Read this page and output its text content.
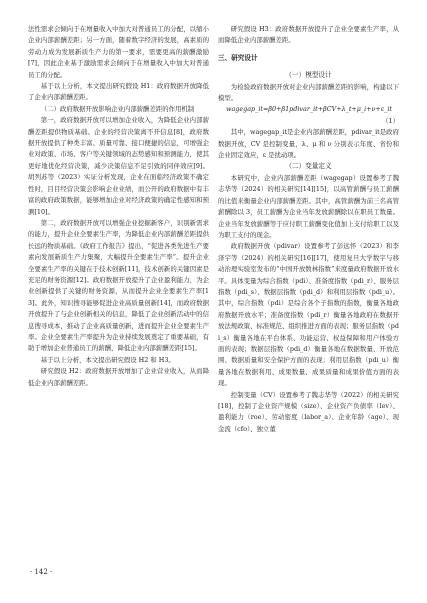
法性需求会倾向于在增量收入中加大对普通员工的分配，以缩小企业内部薪酬差距；另一方面，随着数字经济的发展，高素质的劳动力成为发展新质生产力的第一要求，需要更高的薪酬激励[7]，因此企业基于激励需求会倾向于在增量收入中加大对普通员工的分配。

基于以上分析，本文提出研究假设 H1：政府数据开放降低了企业内部薪酬差距。

（二）政府数据开放影响企业内部薪酬差距的作用机制

第一，政府数据开放可以增加企业收入，为降低企业内部薪酬差距提供物质基础。企业的经营决策离不开信息[8]，政府数据开放提供了种类丰富、质量可靠、接口便捷的信息，可增强企业对政策、市场、客户等关键领域的态势感知和预测能力，使其更好地优化经营决策，减少决策信息不足引致的同伴效应[9]。胡列苏等（2023）实证分析发现，企业在面临经济政策不确定性时，目目经营决策会影响企业业绩，而公开的政府数据中有丰富的政府政策数据，能够增加企业对经济政策的确定性感知和预测[10]。

第二，政府数据开放可以增强企业挖掘新客户，识别新需求的能力，提升企业全要素生产率，为降低企业内部薪酬差距提供长远的物质基础。《政府工作报告》提出，“促进各类先进生产要素向发展新质生产力集聚，大幅提升全要素生产率”。提升企业全要素生产率的关键在于技术创新[11]，技术创新的关键因素是充足的财务资源[12]。政府数据开放提升了企业盈利能力，为企业创新提供了关键的财务资源，从而提升企业全要素生产率[13]。此外，知识搜寻能够促进企业高质量创新[14]，而政府数据开放提升了与企业创新相关的信息，降低了企业创新活动中的信息搜寻成本，推动了企业高质量创新，进而提升企业全要素生产率。企业全要素生产率提升为企业持续发展奠定了重要基础，有助于增加企业普通员工的薪酬，降低企业内部薪酬差距[15]。

基于以上分析，本文提出研究假设 H2 和 H3。

研究假设 H2：政府数据开放增加了企业营业收入，从而降低企业内部薪酬差距。

研究假设 H3：政府数据开放提升了企业全要素生产率，从而降低企业内部薪酬差距。

三、研究设计

（一）模型设计

为检验政府数据开放对企业内部薪酬差距的影响，构建以下模型。

wagegap_it=β0+β1pdivar_it+βCV+λ_t+μ_i+ν+ε_it

（1）

其中，wagegap_it是企业内部薪酬差距，pdivar_it是政府数据开放，CV 是控制变量，λ、μ 和 ν 分别表示年度、省份和企业固定效应，ε 是扰动项。

（二）变量定义

本研究中，企业内部薪酬差距（wagegap）设置参考了魏志华等（2024）的相关研究[14][15]，以高管薪酬与员工薪酬的比值来衡量企业内部薪酬差距。其中，高管薪酬为前三名高管薪酬除以 3，员工薪酬为企业当年发放薪酬除以在职员工数量。企业当年发放薪酬等于应付职工薪酬变化值加上支付给职工以及为职工支付的现金。

政府数据开放（pdivar）设置参考了彭远怀（2023）和李泽宇等（2024）的相关研究[16][17]，使用复旦大学数字与移动治理实验室发布的“中国开放数林指数”来度量政府数据开放水平。具体变量为综合指数（pdi）、准备度指数（pdi_r）、服务层指数（pdi_s）、数据层指数（pdi_d）和利用层指数（pdi_u）。其中，综合指数（pdi）是综合各个子指数的指数，衡量各地政府数据开放水平；准备度指数（pdi_r）衡量各地政府在数据开放法规政策、标准规范、组织推进方面的表现；服务层指数（pdi_s）衡量各地在平台体系、功能运营、权益保障和用户体验方面的表现；数据层指数（pdi_d）衡量各地在数据数量、开放范围、数据质量和安全保护方面的表现；利用层指数（pdi_u）衡量各地在数据利用、成果数量、成果质量和成果价值方面的表现。

控制变量（CV）设置参考了魏志华等（2022）的相关研究[18]，控制了企业资产规模（size）、企业资产负债率（lev）、盈利能力（roe）、劳动密度（labor_a）、企业年龄（age）、现金流（cfo）、独立董

· 142 ·
